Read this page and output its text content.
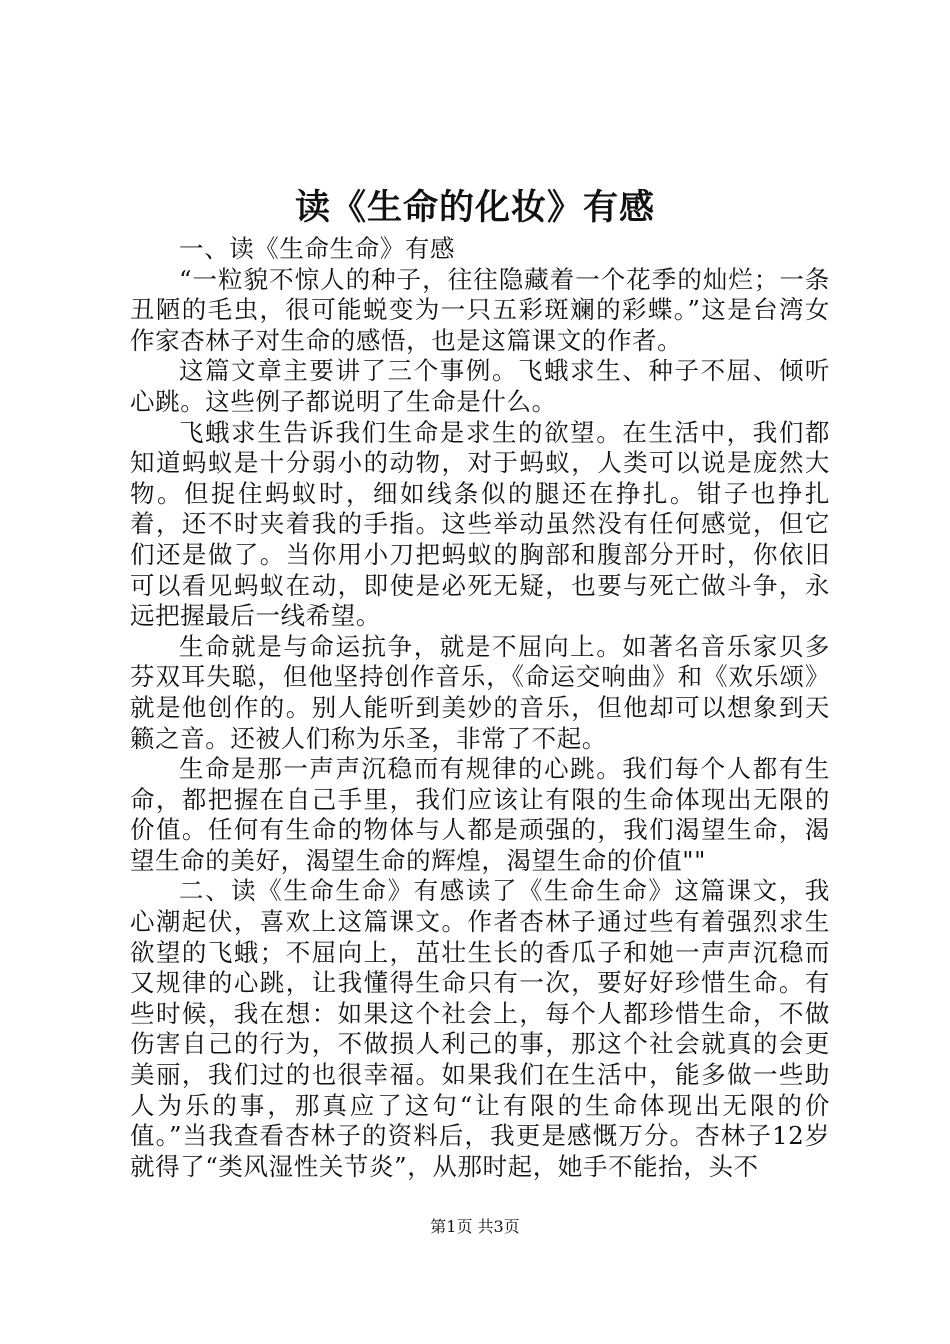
读《生命的化妆》有感

一、读《生命生命》有感

“一粒貌不惊人的种子，往往隐藏着一个花季的灿烂；一条丑陋的毛虫，很可能蜕变为一只五彩斑斓的彩蝶。”这是台湾女作家杏林子对生命的感悟，也是这篇课文的作者。

这篇文章主要讲了三个事例。飞蛾求生、种子不屈、倾听心跳。这些例子都说明了生命是什么。

飞蛾求生告诉我们生命是求生的欲望。在生活中，我们都知道蚂蚁是十分弱小的动物，对于蚂蚁，人类可以说是庞然大物。但捉住蚂蚁时，细如线条似的腿还在挣扎。钳子也挣扎着，还不时夹着我的手指。这些举动虽然没有任何感觉，但它们还是做了。当你用小刀把蚂蚁的胸部和腹部分开时，你依旧可以看见蚂蚁在动，即使是必死无疑，也要与死亡做斗争，永远把握最后一线希望。

生命就是与命运抗争，就是不屈向上。如著名音乐家贝多芬双耳失聪，但他坚持创作音乐，《命运交响曲》和《欢乐颂》就是他创作的。别人能听到美妙的音乐，但他却可以想象到天籁之音。还被人们称为乐圣，非常了不起。

生命是那一声声沉稳而有规律的心跳。我们每个人都有生命，都把握在自己手里，我们应该让有限的生命体现出无限的价值。任何有生命的物体与人都是顽强的，我们渴望生命，渴望生命的美好，渴望生命的辉煌，渴望生命的价值""

二、读《生命生命》有感读了《生命生命》这篇课文，我心潮起伏，喜欢上这篇课文。作者杏林子通过些有着强烈求生欲望的飞蛾；不屈向上，茁壮生长的香瓜子和她一声声沉稳而又规律的心跳，让我懂得生命只有一次，要好好珍惜生命。有些时候，我在想：如果这个社会上，每个人都珍惜生命，不做伤害自己的行为，不做损人利己的事，那这个社会就真的会更美丽，我们过的也很幸福。如果我们在生活中，能多做一些助人为乐的事，那真应了这句“让有限的生命体现出无限的价值。”当我查看杏林子的资料后，我更是感慨万分。杏林子12岁就得了“类风湿性关节炎”，从那时起，她手不能抬，头不

第1页 共3页
